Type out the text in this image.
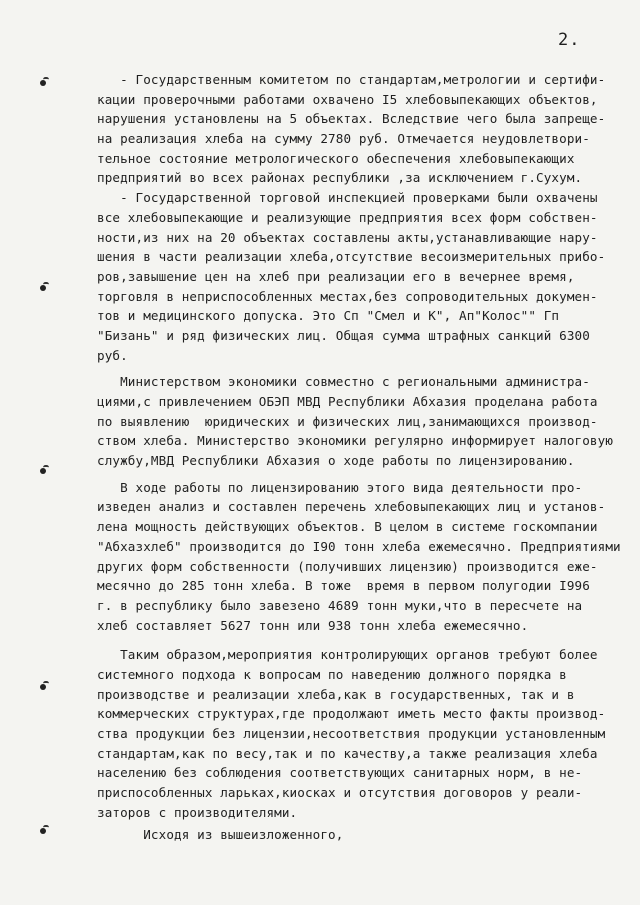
2.
- Государственным комитетом по стандартам,метрологии и сертифи-
кации проверочными работами охвачено I5 хлебовыпекающих объектов,
нарушения установлены на 5 объектах. Вследствие чего была запреще-
на реализация хлеба на сумму 2780 руб. Отмечается неудовлетвори-
тельное состояние метрологического обеспечения хлебовыпекающих
предприятий во всех районах республики ,за исключением г.Сухум.
- Государственной торговой инспекцией проверками были охвачены
все хлебовыпекающие и реализующие предприятия всех форм собствен-
ности,из них на 20 объектах составлены акты,устанавливающие нару-
шения в части реализации хлеба,отсутствие весоизмерительных прибо-
ров,завышение цен на хлеб при реализации его в вечернее время,
торговля в неприспособленных местах,без сопроводительных докумен-
тов и медицинского допуска. Это Сп "Смел и К", Ап"Колос"" Гп
"Бизань" и ряд физических лиц. Общая сумма штрафных санкций 6300
руб.
Министерством экономики совместно с региональными администра-
циями,с привлечением ОБЭП МВД Республики Абхазия проделана работа
по выявлению  юридических и физических лиц,занимающихся производ-
ством хлеба. Министерство экономики регулярно информирует налоговую
службу,МВД Республики Абхазия о ходе работы по лицензированию.
В ходе работы по лицензированию этого вида деятельности про-
изведен анализ и составлен перечень хлебовыпекающих лиц и установ-
лена мощность действующих объектов. В целом в системе госкомпании
"Абхазхлеб" производится до I90 тонн хлеба ежемесячно. Предприятиями
других форм собственности (получивших лицензию) производится еже-
месячно до 285 тонн хлеба. В тоже  время в первом полугодии I996
г. в республику было завезено 4689 тонн муки,что в пересчете на
хлеб составляет 5627 тонн или 938 тонн хлеба ежемесячно.
Таким образом,мероприятия контролирующих органов требуют более
системного подхода к вопросам по наведению должного порядка в
производстве и реализации хлеба,как в государственных, так и в
коммерческих структурах,где продолжают иметь место факты производ-
ства продукции без лицензии,несоответствия продукции установленным
стандартам,как по весу,так и по качеству,а также реализация хлеба
населению без соблюдения соответствующих санитарных норм, в не-
приспособленных ларьках,киосках и отсутствия договоров у реали-
заторов с производителями.
Исходя из вышеизложенного,
